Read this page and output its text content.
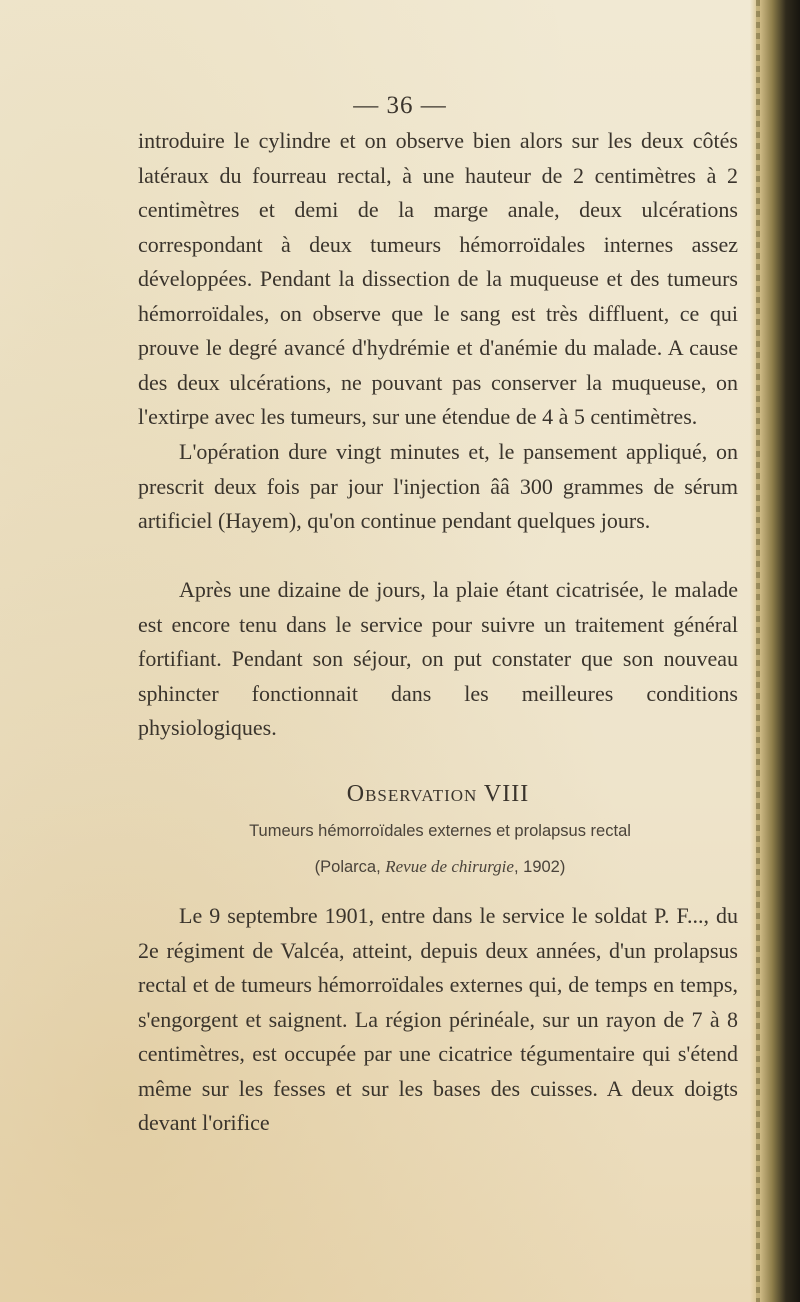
— 36 —

introduire le cylindre et on observe bien alors sur les deux côtés latéraux du fourreau rectal, à une hauteur de 2 centimètres à 2 centimètres et demi de la marge anale, deux ulcérations correspondant à deux tumeurs hémorroïdales internes assez développées. Pendant la dissection de la muqueuse et des tumeurs hémorroïdales, on observe que le sang est très diffluent, ce qui prouve le degré avancé d'hydrémie et d'anémie du malade. A cause des deux ulcérations, ne pouvant pas conserver la muqueuse, on l'extirpe avec les tumeurs, sur une étendue de 4 à 5 centimètres.

L'opération dure vingt minutes et, le pansement appliqué, on prescrit deux fois par jour l'injection ââ 300 grammes de sérum artificiel (Hayem), qu'on continue pendant quelques jours.

Après une dizaine de jours, la plaie étant cicatrisée, le malade est encore tenu dans le service pour suivre un traitement général fortifiant. Pendant son séjour, on put constater que son nouveau sphincter fonctionnait dans les meilleures conditions physiologiques.

Observation VIII
Tumeurs hémorroïdales externes et prolapsus rectal
(Polarca, Revue de chirurgie, 1902)

Le 9 septembre 1901, entre dans le service le soldat P. F..., du 2e régiment de Valcéa, atteint, depuis deux années, d'un prolapsus rectal et de tumeurs hémorroïdales externes qui, de temps en temps, s'engorgent et saignent. La région périnéale, sur un rayon de 7 à 8 centimètres, est occupée par une cicatrice tégumentaire qui s'étend même sur les fesses et sur les bases des cuisses. A deux doigts devant l'orifice
